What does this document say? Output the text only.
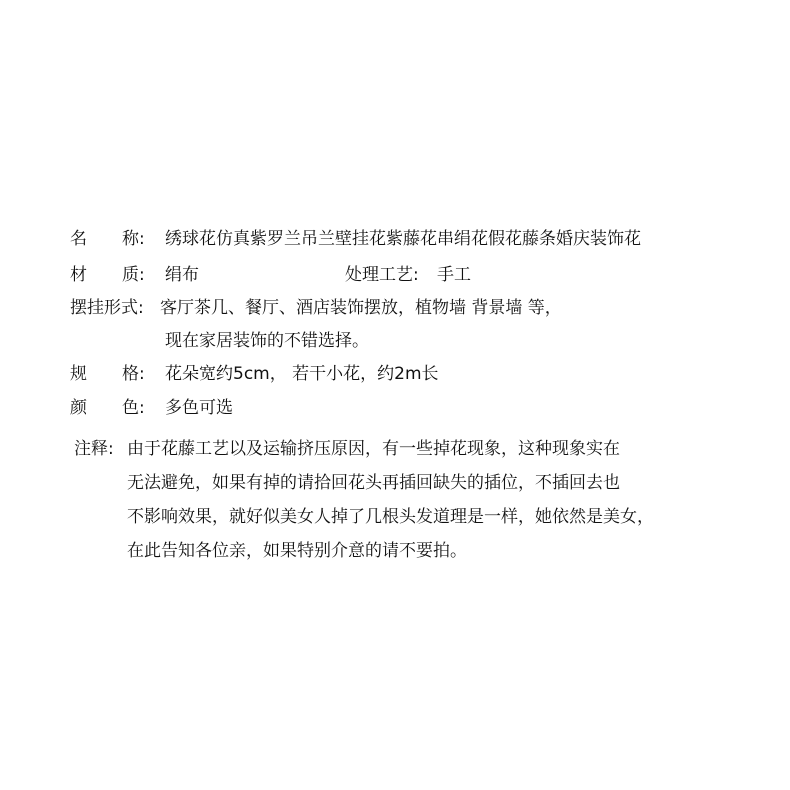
名 称: 绣球花仿真紫罗兰吊兰壁挂花紫藤花串绢花假花藤条婚庆装饰花
材 质: 绢布	处理工艺: 手工
摆挂形式: 客厅茶几、餐厅、酒店装饰摆放，植物墙 背景墙 等，
现在家居装饰的不错选择。
规 格: 花朵宽约5cm， 若干小花，约2m长
颜 色: 多色可选
注释: 由于花藤工艺以及运输挤压原因，有一些掉花现象，这种现象实在
无法避免，如果有掉的请拾回花头再插回缺失的插位，不插回去也
不影响效果，就好似美女人掉了几根头发道理是一样，她依然是美女，
在此告知各位亲，如果特别介意的请不要拍。
